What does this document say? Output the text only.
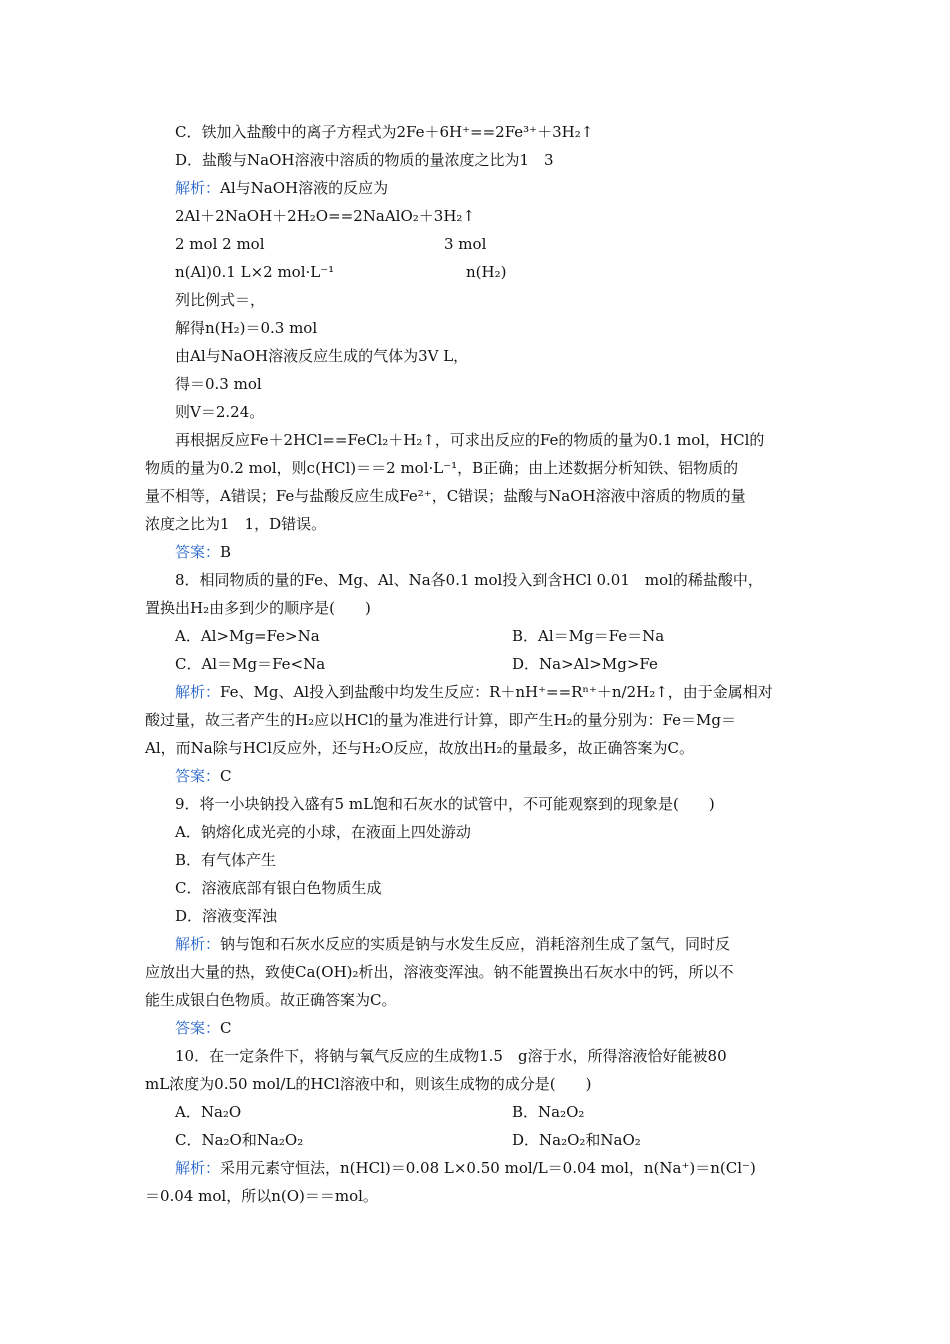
C．铁加入盐酸中的离子方程式为2Fe＋6H⁺==2Fe³⁺＋3H₂↑
D．盐酸与NaOH溶液中溶质的物质的量浓度之比为1　3
解析：Al与NaOH溶液的反应为
2Al＋2NaOH＋2H₂O==2NaAlO₂＋3H₂↑
2 mol 2 mol	3 mol
n(Al)0.1 L×2 mol·L⁻¹	n(H₂)
列比例式＝，
解得n(H₂)＝0.3 mol
由Al与NaOH溶液反应生成的气体为3V L，
得＝0.3 mol
则V＝2.24。
再根据反应Fe＋2HCl==FeCl₂＋H₂↑，可求出反应的Fe的物质的量为0.1 mol，HCl的
物质的量为0.2 mol，则c(HCl)＝＝2 mol·L⁻¹，B正确；由上述数据分析知铁、铝物质的
量不相等，A错误；Fe与盐酸反应生成Fe²⁺，C错误；盐酸与NaOH溶液中溶质的物质的量
浓度之比为1　1，D错误。
答案：B
8．相同物质的量的Fe、Mg、Al、Na各0.1 mol投入到含HCl 0.01　mol的稀盐酸中，
置换出H₂由多到少的顺序是(　　)
A．Al>Mg=Fe>Na	B．Al＝Mg＝Fe＝Na
C．Al＝Mg＝Fe<Na	D．Na>Al>Mg>Fe
解析：Fe、Mg、Al投入到盐酸中均发生反应：R＋nH⁺==Rⁿ⁺＋n/2H₂↑，由于金属相对
酸过量，故三者产生的H₂应以HCl的量为准进行计算，即产生H₂的量分别为：Fe＝Mg＝
Al，而Na除与HCl反应外，还与H₂O反应，故放出H₂的量最多，故正确答案为C。
答案：C
9．将一小块钠投入盛有5 mL饱和石灰水的试管中，不可能观察到的现象是(　　)
A．钠熔化成光亮的小球，在液面上四处游动
B．有气体产生
C．溶液底部有银白色物质生成
D．溶液变浑浊
解析：钠与饱和石灰水反应的实质是钠与水发生反应，消耗溶剂生成了氢气，同时反
应放出大量的热，致使Ca(OH)₂析出，溶液变浑浊。钠不能置换出石灰水中的钙，所以不
能生成银白色物质。故正确答案为C。
答案：C
10．在一定条件下，将钠与氧气反应的生成物1.5　g溶于水，所得溶液恰好能被80
mL浓度为0.50 mol/L的HCl溶液中和，则该生成物的成分是(　　)
A．Na₂O	B．Na₂O₂
C．Na₂O和Na₂O₂	D．Na₂O₂和NaO₂
解析：采用元素守恒法，n(HCl)＝0.08 L×0.50 mol/L＝0.04 mol，n(Na⁺)＝n(Cl⁻)
＝0.04 mol，所以n(O)＝＝mol。
